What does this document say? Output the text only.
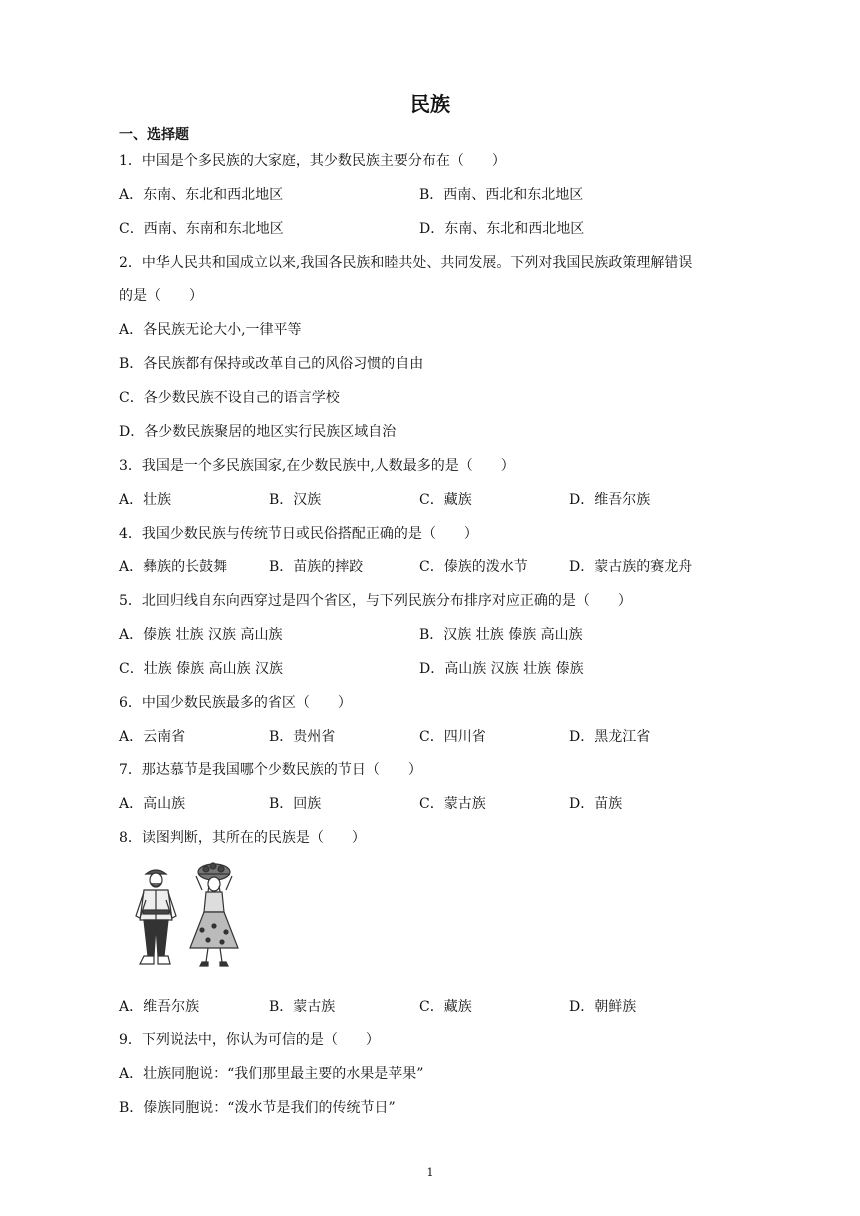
民族
一、选择题
1．中国是个多民族的大家庭，其少数民族主要分布在（　　）
A．东南、东北和西北地区	B．西南、西北和东北地区
C．西南、东南和东北地区	D．东南、东北和西北地区
2．中华人民共和国成立以来,我国各民族和睦共处、共同发展。下列对我国民族政策理解错误
的是（　　）
A．各民族无论大小,一律平等
B．各民族都有保持或改革自己的风俗习惯的自由
C．各少数民族不设自己的语言学校
D．各少数民族聚居的地区实行民族区域自治
3．我国是一个多民族国家,在少数民族中,人数最多的是（　　）
A．壮族	B．汉族	C．藏族	D．维吾尔族
4．我国少数民族与传统节日或民俗搭配正确的是（　　）
A．彝族的长鼓舞	B．苗族的摔跤	C．傣族的泼水节	D．蒙古族的赛龙舟
5．北回归线自东向西穿过是四个省区，与下列民族分布排序对应正确的是（　　）
A．傣族 壮族 汉族 高山族	B．汉族 壮族 傣族 高山族
C．壮族 傣族 高山族 汉族	D．高山族 汉族 壮族 傣族
6．中国少数民族最多的省区（　　）
A．云南省	B．贵州省	C．四川省	D．黑龙江省
7．那达慕节是我国哪个少数民族的节日（　　）
A．高山族	B．回族	C．蒙古族	D．苗族
8．读图判断，其所在的民族是（　　）
A．维吾尔族	B．蒙古族	C．藏族	D．朝鲜族
9．下列说法中，你认为可信的是（　　）
A．壮族同胞说：“我们那里最主要的水果是苹果”
B．傣族同胞说：“泼水节是我们的传统节日”
1
